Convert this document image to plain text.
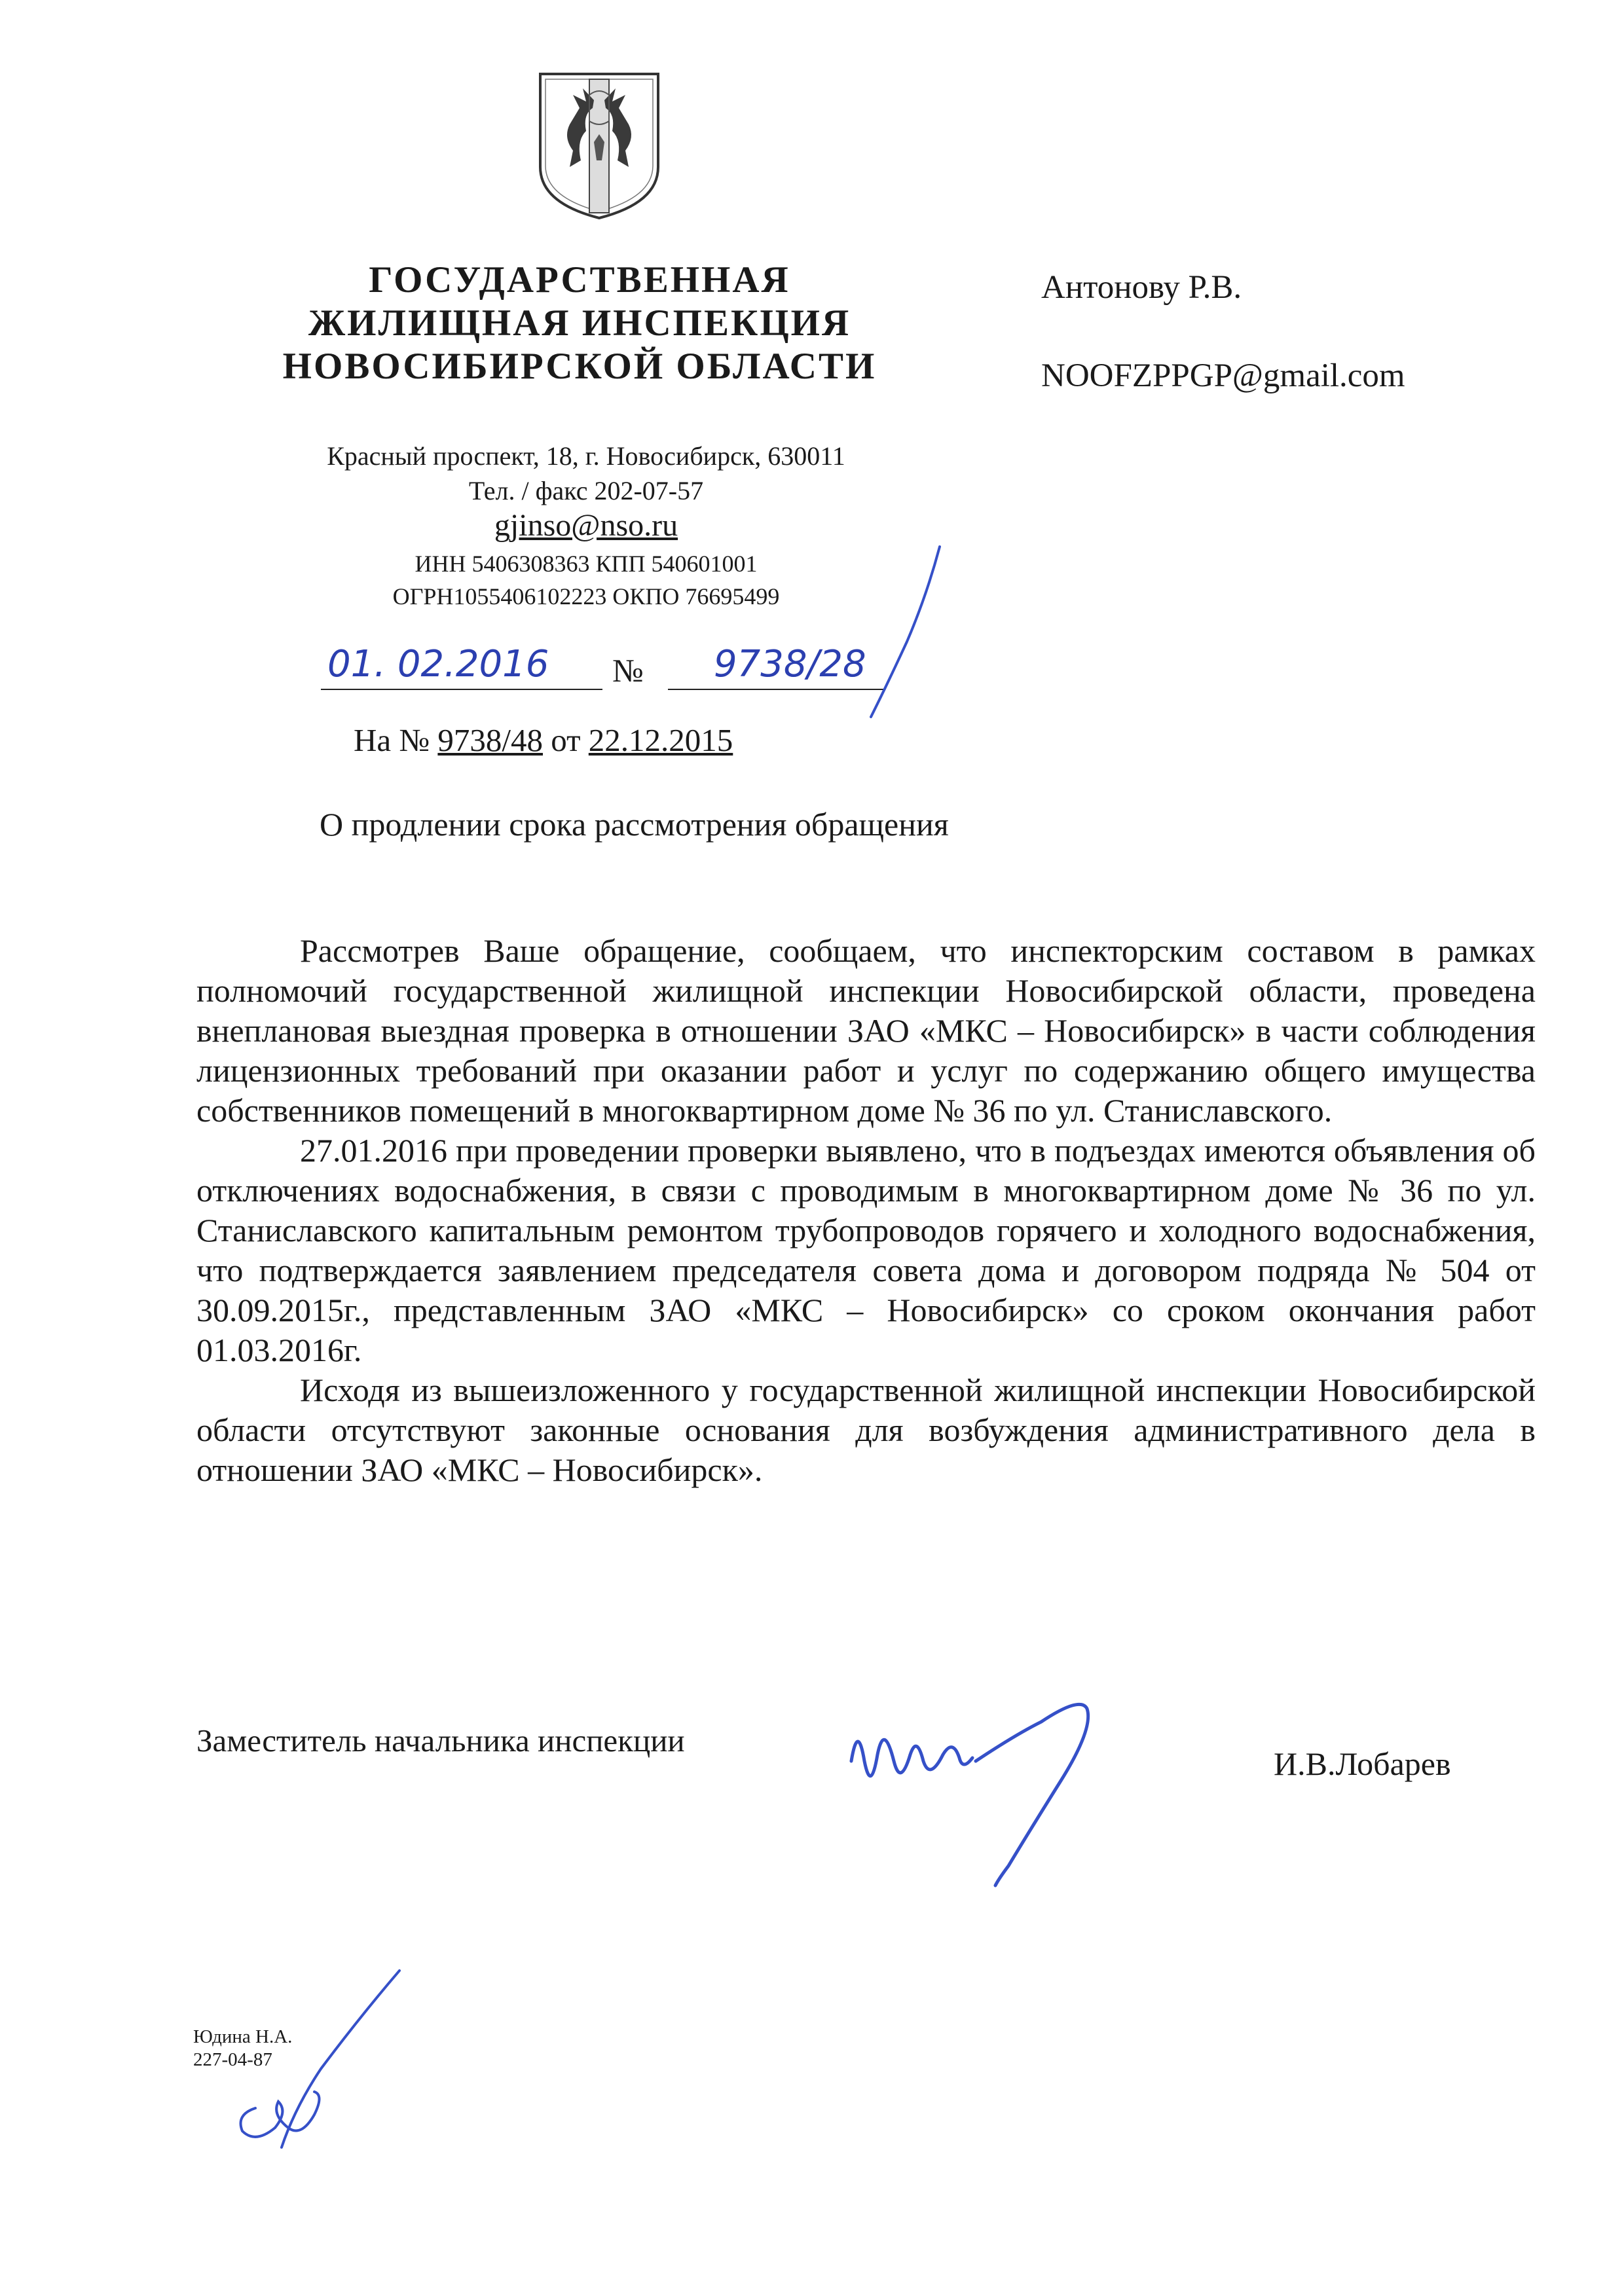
ГОСУДАРСТВЕННАЯ
ЖИЛИЩНАЯ ИНСПЕКЦИЯ
НОВОСИБИРСКОЙ ОБЛАСТИ
Антонову Р.В.
NOOFZPPGP@gmail.com
Красный проспект, 18, г. Новосибирск, 630011
Тел. / факс 202-07-57
gjinso@nso.ru
ИНН 5406308363 КПП 540601001
ОГРН1055406102223 ОКПО 76695499
01. 02.2016 № 9738/28
На № 9738/48 от 22.12.2015
О продлении срока рассмотрения обращения

Рассмотрев Ваше обращение, сообщаем, что инспекторским составом в рамках полномочий государственной жилищной инспекции Новосибирской области, проведена внеплановая выездная проверка в отношении ЗАО «МКС – Новосибирск» в части соблюдения лицензионных требований при оказании работ и услуг по содержанию общего имущества собственников помещений в многоквартирном доме № 36 по ул. Станиславского.

27.01.2016 при проведении проверки выявлено, что в подъездах имеются объявления об отключениях водоснабжения, в связи с проводимым в многоквартирном доме № 36 по ул. Станиславского капитальным ремонтом трубопроводов горячего и холодного водоснабжения, что подтверждается заявлением председателя совета дома и договором подряда № 504 от 30.09.2015г., представленным ЗАО «МКС – Новосибирск» со сроком окончания работ 01.03.2016г.

Исходя из вышеизложенного у государственной жилищной инспекции Новосибирской области отсутствуют законные основания для возбуждения административного дела в отношении ЗАО «МКС – Новосибирск».

Заместитель начальника инспекции
И.В.Лобарев
Юдина Н.А.
227-04-87
